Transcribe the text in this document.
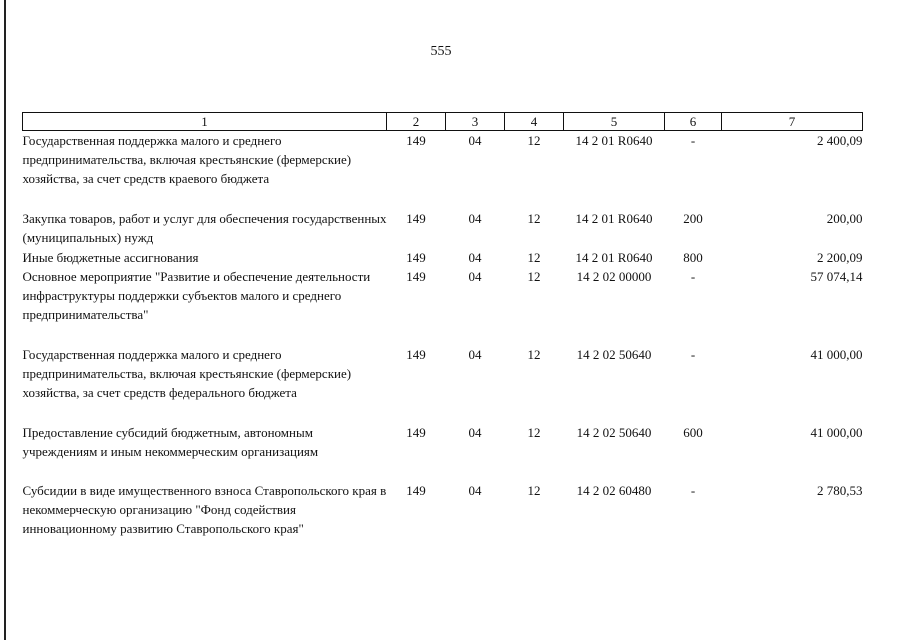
555
1	2	3	4	5	6	7
Государственная поддержка малого и среднего предпринимательства, включая крестьянские (фермерские) хозяйства, за счет средств краевого бюджета	149	04	12	14 2 01 R0640	-	2 400,09
Закупка товаров, работ и услуг для обеспечения государственных (муниципальных) нужд	149	04	12	14 2 01 R0640	200	200,00
Иные бюджетные ассигнования	149	04	12	14 2 01 R0640	800	2 200,09
Основное мероприятие "Развитие и обеспечение деятельности инфраструктуры поддержки субъектов малого и среднего предпринимательства"	149	04	12	14 2 02 00000	-	57 074,14
Государственная поддержка малого и среднего предпринимательства, включая крестьянские (фермерские) хозяйства, за счет средств федерального бюджета	149	04	12	14 2 02 50640	-	41 000,00
Предоставление субсидий бюджетным, автономным учреждениям и иным некоммерческим организациям	149	04	12	14 2 02 50640	600	41 000,00
Субсидии в виде имущественного взноса Ставропольского края в некоммерческую организацию "Фонд содействия инновационному развитию Ставропольского края"	149	04	12	14 2 02 60480	-	2 780,53
